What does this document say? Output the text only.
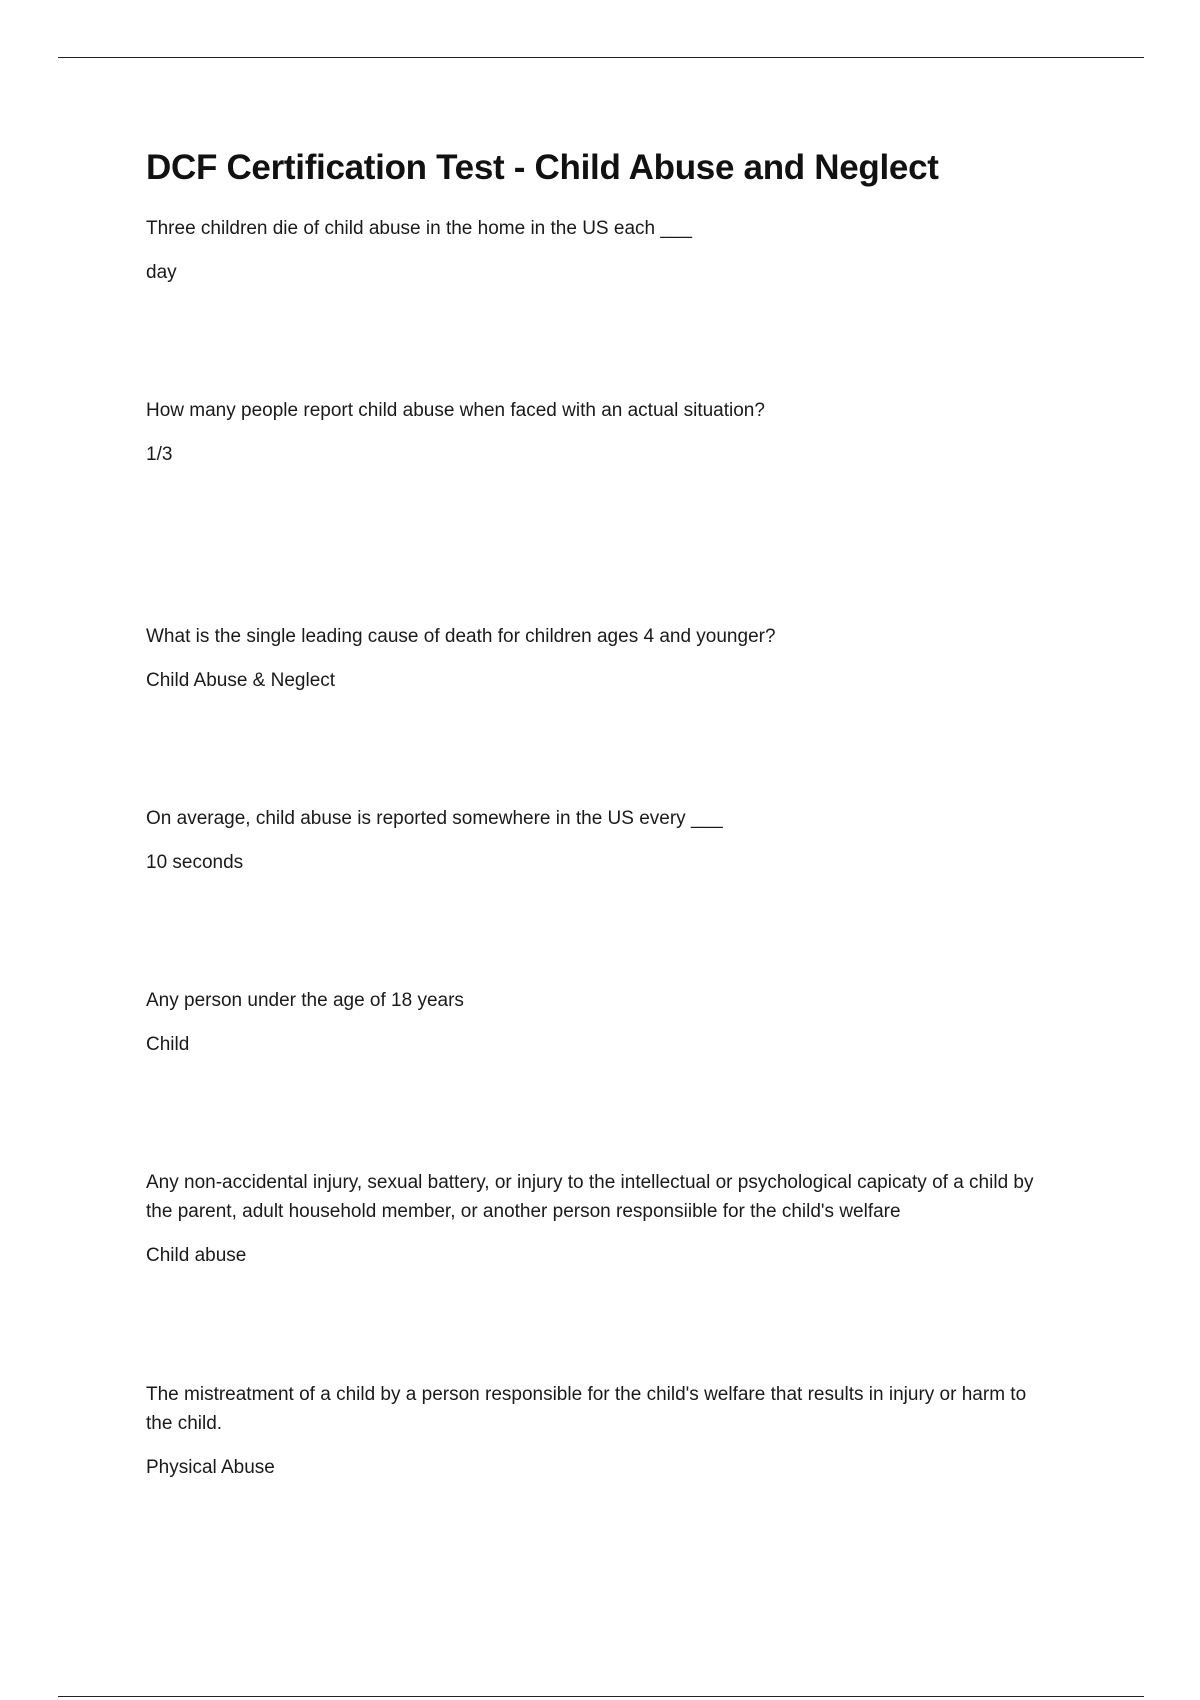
DCF Certification Test - Child Abuse and Neglect

Three children die of child abuse in the home in the US each ___

day

How many people report child abuse when faced with an actual situation?

1/3

What is the single leading cause of death for children ages 4 and younger?

Child Abuse & Neglect

On average, child abuse is reported somewhere in the US every ___

10 seconds

Any person under the age of 18 years

Child

Any non-accidental injury, sexual battery, or injury to the intellectual or psychological capicaty of a child by the parent, adult household member, or another person responsiible for the child's welfare

Child abuse

The mistreatment of a child by a person responsible for the child's welfare that results in injury or harm to the child.

Physical Abuse
